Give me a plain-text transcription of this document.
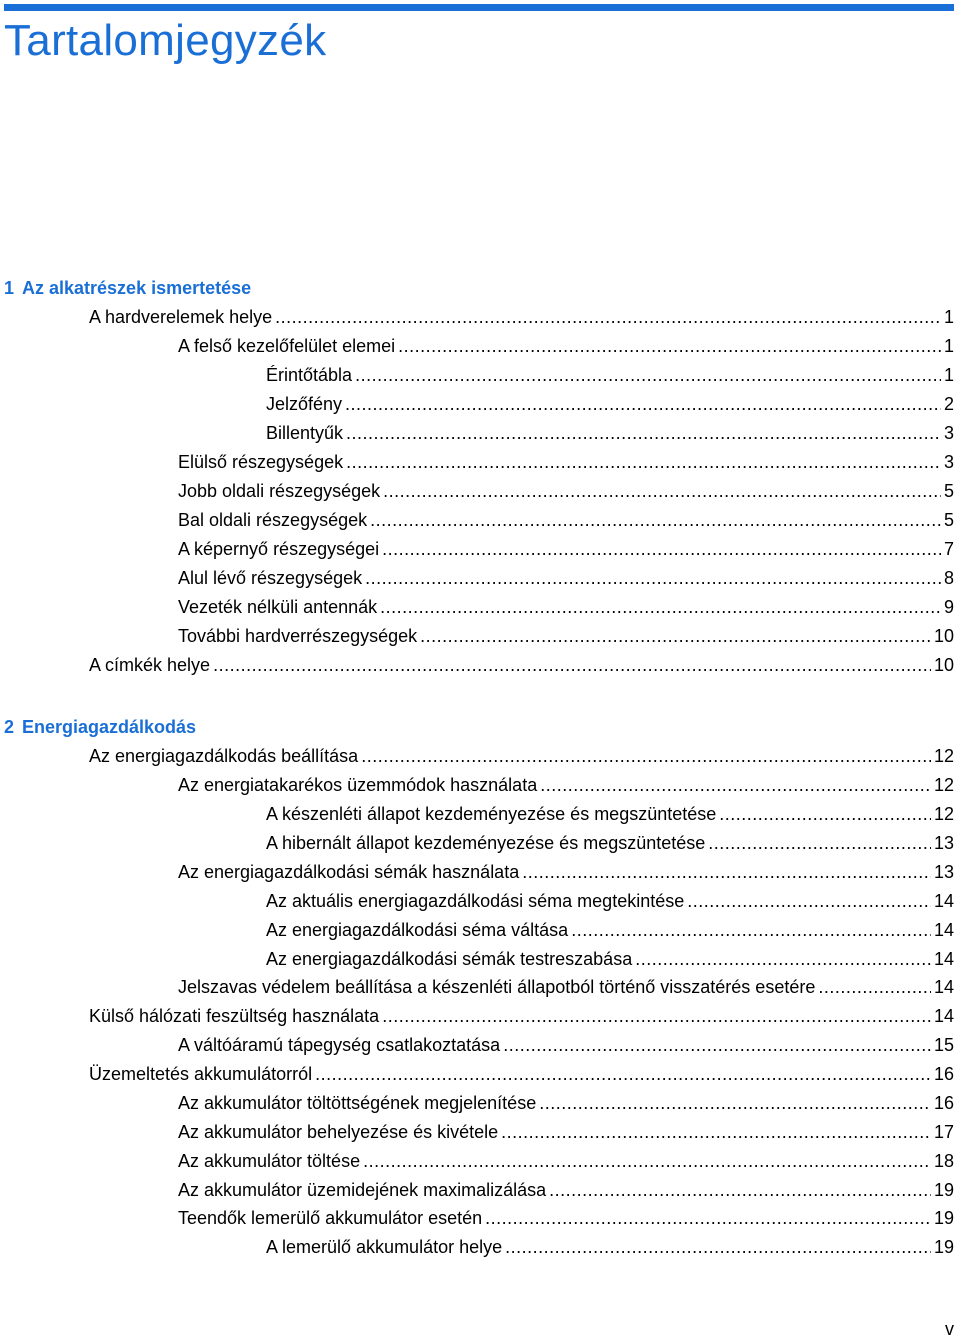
Tartalomjegyzék
1 Az alkatrészek ismertetése
A hardverelemek helye .....	1
A felső kezelőfelület elemei .....	1
Érintőtábla .....	1
Jelzőfény .....	2
Billentyűk .....	3
Elülső részegységek .....	3
Jobb oldali részegységek .....	5
Bal oldali részegységek .....	5
A képernyő részegységei .....	7
Alul lévő részegységek .....	8
Vezeték nélküli antennák .....	9
További hardverrészegységek .....	10
A címkék helye .....	10
2 Energiagazdálkodás
Az energiagazdálkodás beállítása .....	12
Az energiatakarékos üzemmódok használata .....	12
A készenléti állapot kezdeményezése és megszüntetése .....	12
A hibernált állapot kezdeményezése és megszüntetése .....	13
Az energiagazdálkodási sémák használata .....	13
Az aktuális energiagazdálkodási séma megtekintése .....	14
Az energiagazdálkodási séma váltása .....	14
Az energiagazdálkodási sémák testreszabása .....	14
Jelszavas védelem beállítása a készenléti állapotból történő visszatérés esetére .....	14
Külső hálózati feszültség használata .....	14
A váltóáramú tápegység csatlakoztatása .....	15
Üzemeltetés akkumulátorról .....	16
Az akkumulátor töltöttségének megjelenítése .....	16
Az akkumulátor behelyezése és kivétele .....	17
Az akkumulátor töltése .....	18
Az akkumulátor üzemidejének maximalizálása .....	19
Teendők lemerülő akkumulátor esetén .....	19
A lemerülő akkumulátor helye .....	19
v
